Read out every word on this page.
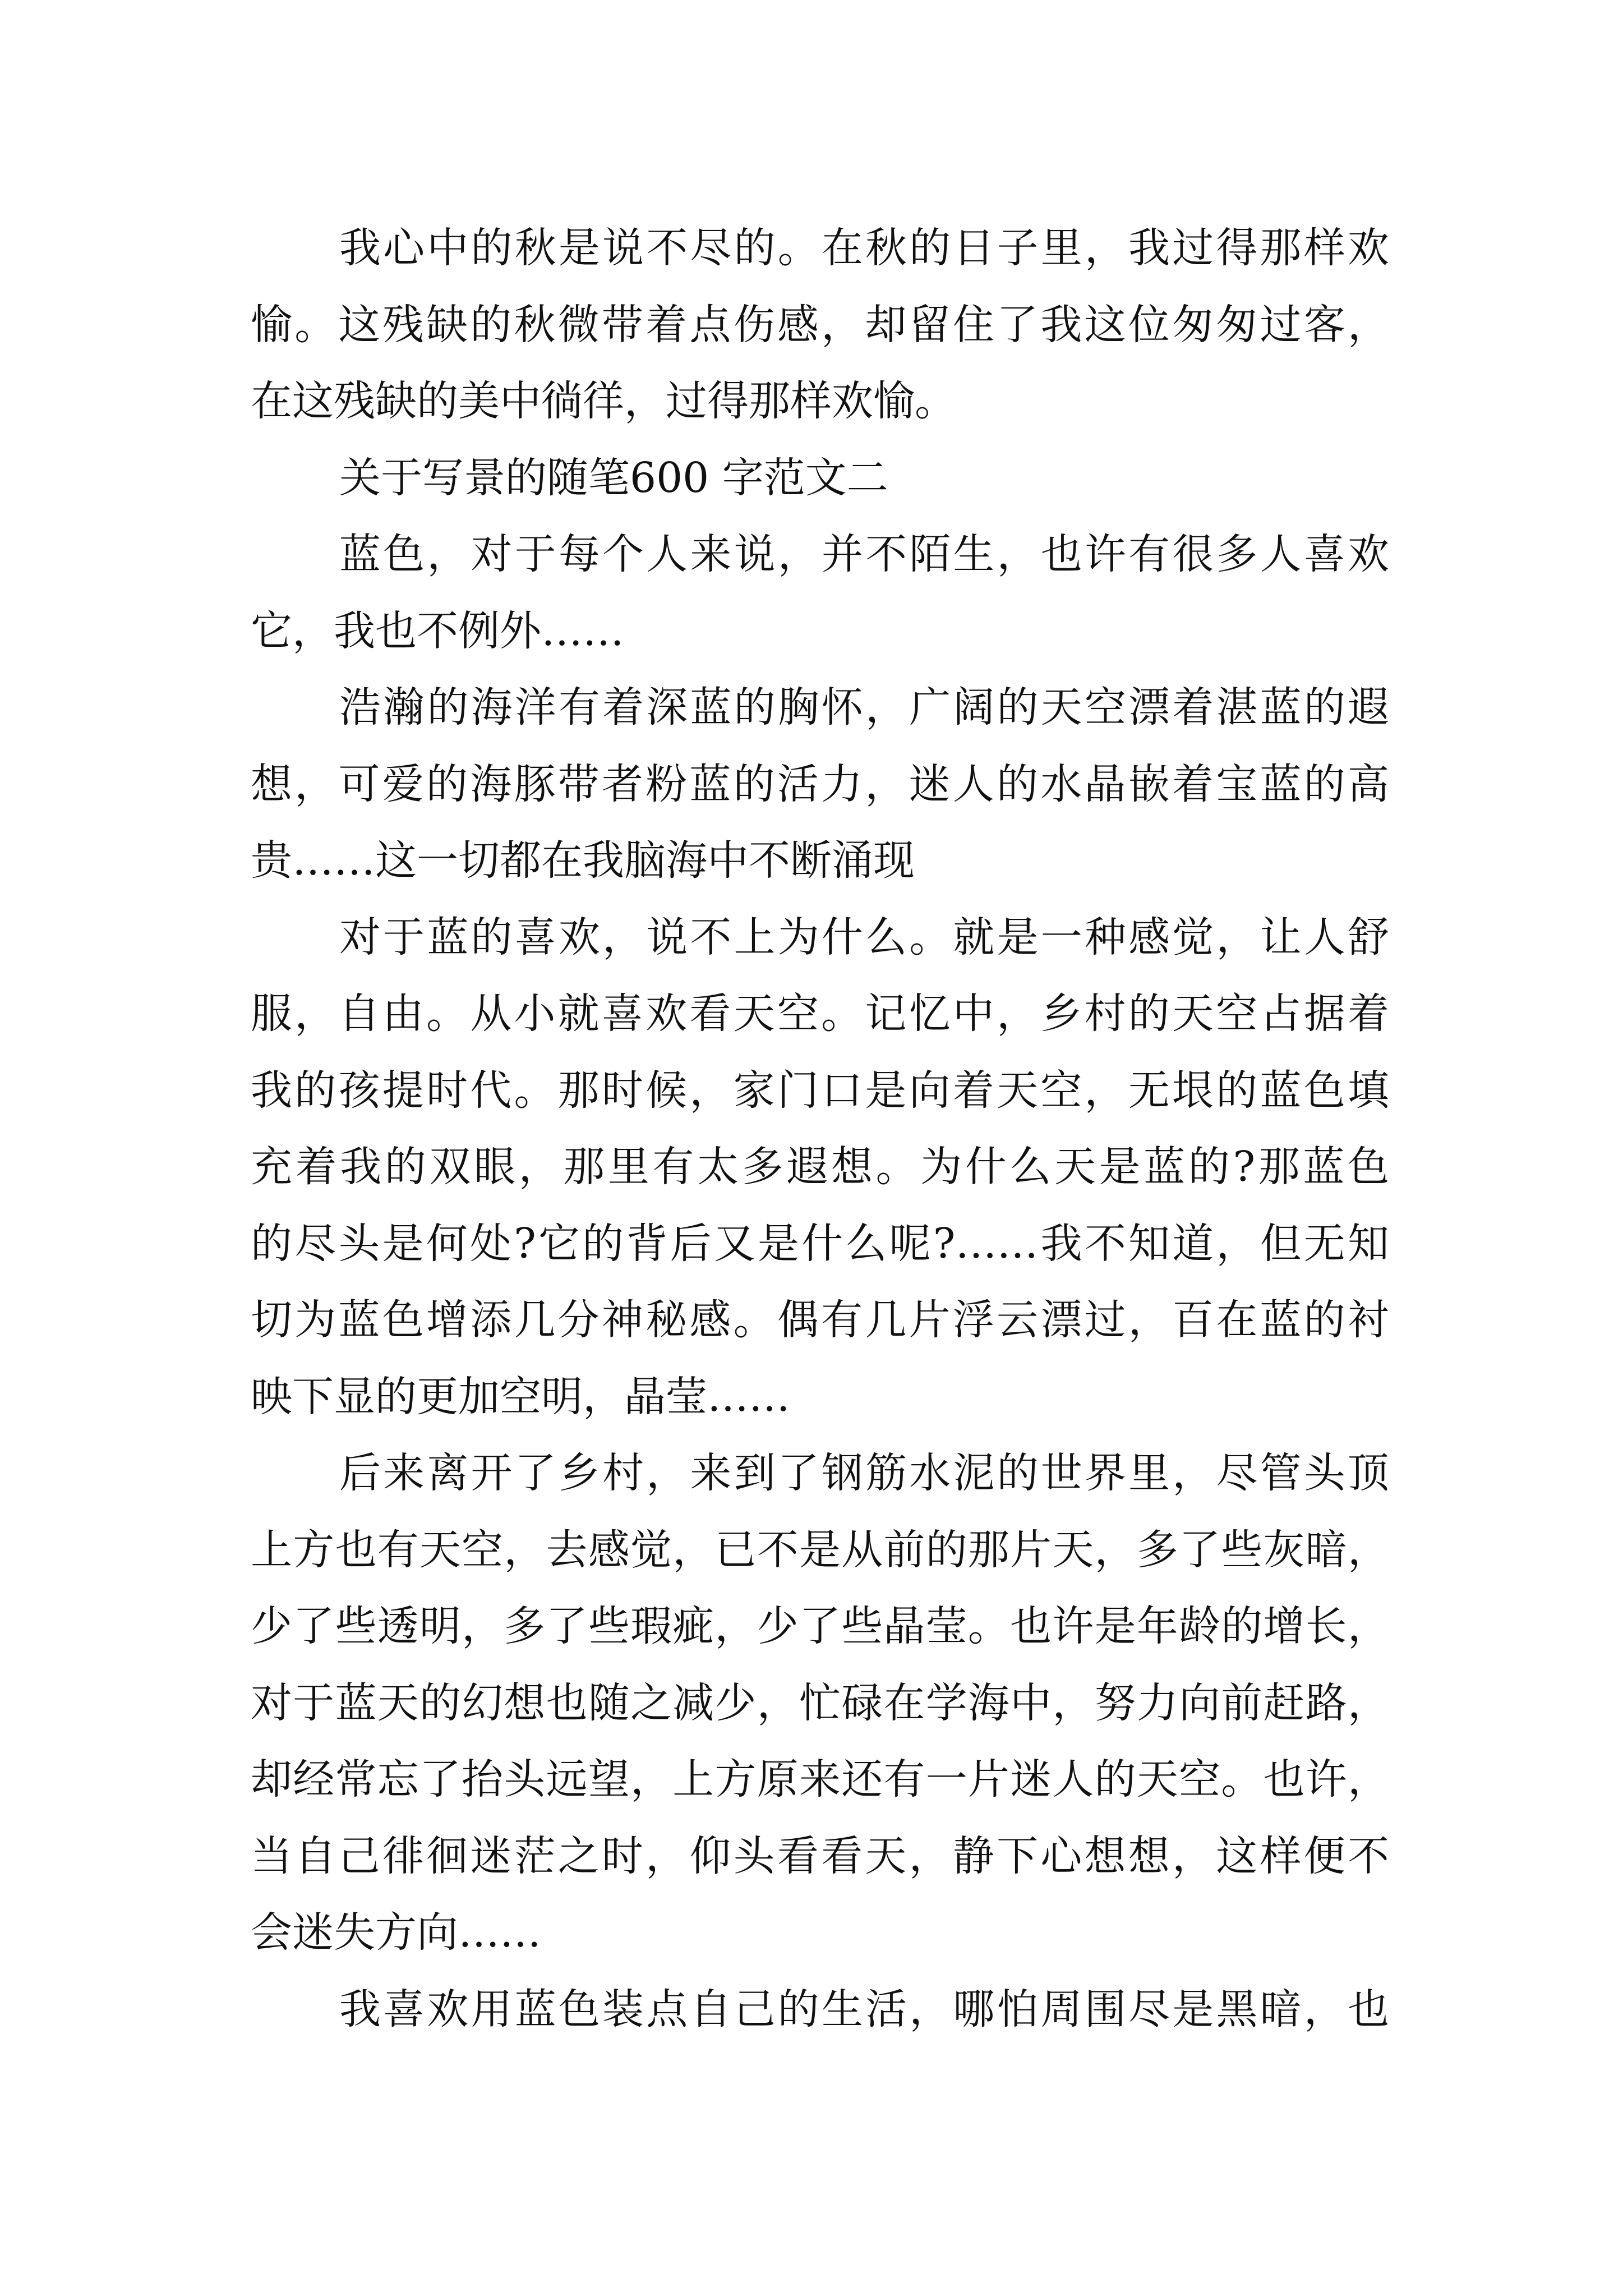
我心中的秋是说不尽的。在秋的日子里，我过得那样欢
愉。这残缺的秋微带着点伤感，却留住了我这位匆匆过客，
在这残缺的美中徜徉，过得那样欢愉。
关于写景的随笔600 字范文二
蓝色，对于每个人来说，并不陌生，也许有很多人喜欢
它，我也不例外……
浩瀚的海洋有着深蓝的胸怀，广阔的天空漂着湛蓝的遐
想，可爱的海豚带者粉蓝的活力，迷人的水晶嵌着宝蓝的高
贵……这一切都在我脑海中不断涌现
对于蓝的喜欢，说不上为什么。就是一种感觉，让人舒
服，自由。从小就喜欢看天空。记忆中，乡村的天空占据着
我的孩提时代。那时候，家门口是向着天空，无垠的蓝色填
充着我的双眼，那里有太多遐想。为什么天是蓝的?那蓝色
的尽头是何处?它的背后又是什么呢?……我不知道，但无知
切为蓝色增添几分神秘感。偶有几片浮云漂过，百在蓝的衬
映下显的更加空明，晶莹……
后来离开了乡村，来到了钢筋水泥的世界里，尽管头顶
上方也有天空，去感觉，已不是从前的那片天，多了些灰暗，
少了些透明，多了些瑕疵，少了些晶莹。也许是年龄的增长，
对于蓝天的幻想也随之减少，忙碌在学海中，努力向前赶路，
却经常忘了抬头远望，上方原来还有一片迷人的天空。也许，
当自己徘徊迷茫之时，仰头看看天，静下心想想，这样便不
会迷失方向……
我喜欢用蓝色装点自己的生活，哪怕周围尽是黑暗，也
